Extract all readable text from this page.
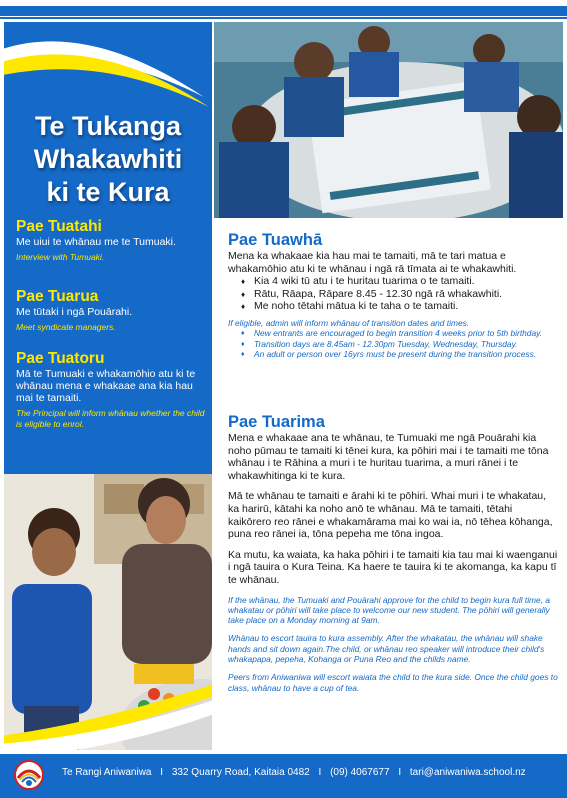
Te Tukanga
Whakawhiti
ki te Kura
Pae Tuatahi

Me uiui te whānau me te Tumuaki.

Interview with Tumuaki.

Pae Tuarua

Me tūtaki i ngā Pouārahi.

Meet syndicate managers.

Pae Tuatoru

Mā te Tumuaki e whakamōhio atu ki te whānau mena e whakaae ana kia hau mai te tamaiti.

The Principal will inform whānau whether the child is eligible to enrol.

Pae Tuawhā

Mena ka whakaae kia hau mai te tamaiti, mā te tari matua e whakamōhio atu ki te whānau i ngā rā tīmata ai te whakawhiti.

♦ Kia 4 wiki tū atu i te huritau tuarima o te tamaiti.
♦ Rātu, Rāapa, Rāpare 8.45 - 12.30 ngā rā whakawhiti.
♦ Me noho tētahi mātua ki te taha o te tamaiti.

If eligible, admin will inform whānau of transition dates and times.

♦ New entrants are encouraged to begin transition 4 weeks prior to 5th birthday.
♦ Transition days are 8.45am - 12.30pm Tuesday, Wednesday, Thursday.
♦ An adult or person over 16yrs must be present during the transition process.
Pae Tuarima

Mena e whakaae ana te whānau, te Tumuaki me ngā Pouārahi kia noho pūmau te tamaiti ki tēnei kura, ka pōhiri mai i te tamaiti me tōna whānau i te Rāhina a muri i te huritau tuarima, a muri rānei i te whakawhitinga ki te kura.

Mā te whānau te tamaiti e ārahi ki te pōhiri. Whai muri i te whakatau, ka harirū, kātahi ka noho anō te whānau. Mā te tamaiti, tētahi kaikōrero reo rānei e whakamārama mai ko wai ia, nō tēhea kōhanga, puna reo rānei ia, tōna pepeha me tōna ingoa.

Ka mutu, ka waiata, ka haka pōhiri i te tamaiti kia tau mai ki waenganui i ngā tauira o Kura Teina. Ka haere te tauira ki te akomanga, ka kapu tī te whānau.

If the whānau, the Tumuaki and Pouārahi approve for the child to begin kura full time, a whakatau or pōhiri will take place to welcome our new student. The pōhiri will generally take place on a Monday morning at 9am.

Whānau to escort tauira to kura assembly. After the whakatau, the whānau will shake hands and sit down again.The child, or whānau reo speaker will introduce their child's whakapapa, pepeha, Kohanga or Puna Reo and the childs name.

Peers from Aniwaniwa will escort waiata the child to the kura side. Once the child goes to class, whānau to have a cup of tea.

Te Rangi Aniwaniwa I 332 Quarry Road, Kaitaia 0482 I (09) 4067677 I tari@aniwaniwa.school.nz
